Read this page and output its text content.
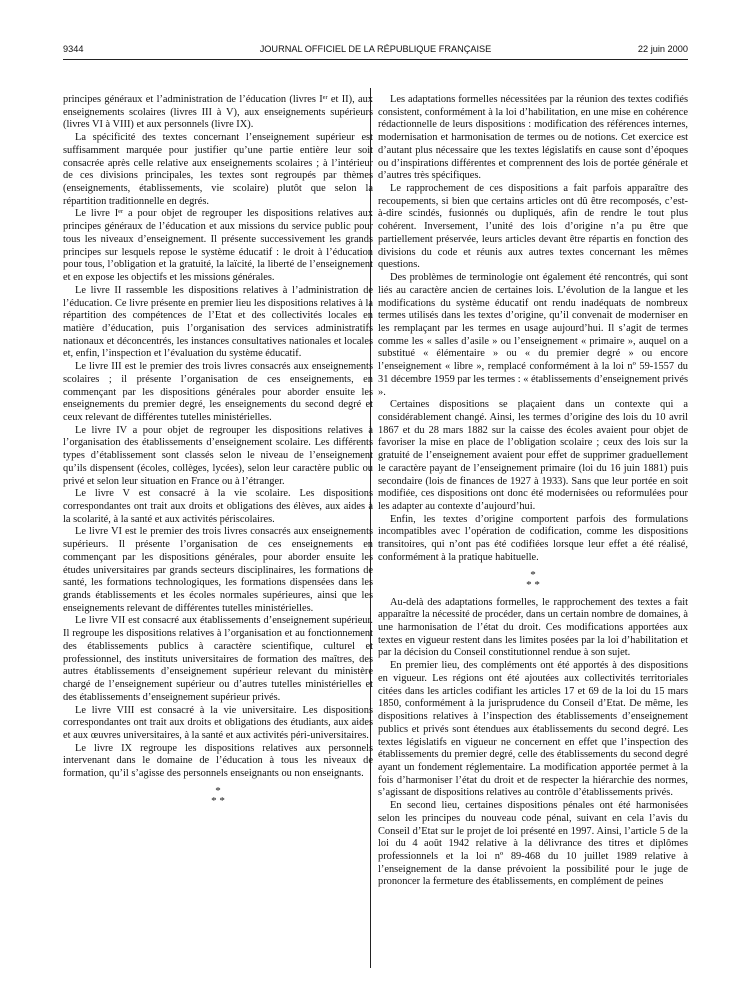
9344	JOURNAL OFFICIEL DE LA RÉPUBLIQUE FRANÇAISE	22 juin 2000

principes généraux et l’administration de l’éducation (livres Iᵉʳ et II), aux enseignements scolaires (livres III à V), aux enseignements supérieurs (livres VI à VIII) et aux personnels (livre IX).

La spécificité des textes concernant l’enseignement supérieur est suffisamment marquée pour justifier qu’une partie entière leur soit consacrée après celle relative aux enseignements scolaires ; à l’intérieur de ces divisions principales, les textes sont regroupés par thèmes (enseignements, établissements, vie scolaire) plutôt que selon la répartition traditionnelle en degrés.

Le livre Iᵉʳ a pour objet de regrouper les dispositions relatives aux principes généraux de l’éducation et aux missions du service public pour tous les niveaux d’enseignement. Il présente successivement les grands principes sur lesquels repose le système éducatif : le droit à l’éducation pour tous, l’obligation et la gratuité, la laïcité, la liberté de l’enseignement et en expose les objectifs et les missions générales.

Le livre II rassemble les dispositions relatives à l’administration de l’éducation. Ce livre présente en premier lieu les dispositions relatives à la répartition des compétences de l’Etat et des collectivités locales en matière d’éducation, puis l’organisation des services administratifs nationaux et déconcentrés, les instances consultatives nationales et locales et, enfin, l’inspection et l’évaluation du système éducatif.

Le livre III est le premier des trois livres consacrés aux enseignements scolaires ; il présente l’organisation de ces enseignements, en commençant par les dispositions générales pour aborder ensuite les enseignements du premier degré, les enseignements du second degré et ceux relevant de différentes tutelles ministérielles.

Le livre IV a pour objet de regrouper les dispositions relatives à l’organisation des établissements d’enseignement scolaire. Les différents types d’établissement sont classés selon le niveau de l’enseignement qu’ils dispensent (écoles, collèges, lycées), selon leur caractère public ou privé et selon leur situation en France ou à l’étranger.

Le livre V est consacré à la vie scolaire. Les dispositions correspondantes ont trait aux droits et obligations des élèves, aux aides à la scolarité, à la santé et aux activités périscolaires.

Le livre VI est le premier des trois livres consacrés aux enseignements supérieurs. Il présente l’organisation de ces enseignements en commençant par les dispositions générales, pour aborder ensuite les études universitaires par grands secteurs disciplinaires, les formations de santé, les formations technologiques, les formations dispensées dans les grands établissements et les écoles normales supérieures, ainsi que les enseignements relevant de différentes tutelles ministérielles.

Le livre VII est consacré aux établissements d’enseignement supérieur. Il regroupe les dispositions relatives à l’organisation et au fonctionnement des établissements publics à caractère scientifique, culturel et professionnel, des instituts universitaires de formation des maîtres, des autres établissements d’enseignement supérieur relevant du ministère chargé de l’enseignement supérieur ou d’autres tutelles ministérielles et des établissements d’enseignement supérieur privés.

Le livre VIII est consacré à la vie universitaire. Les dispositions correspondantes ont trait aux droits et obligations des étudiants, aux aides et aux œuvres universitaires, à la santé et aux activités péri-universitaires.

Le livre IX regroupe les dispositions relatives aux personnels intervenant dans le domaine de l’éducation à tous les niveaux de formation, qu’il s’agisse des personnels enseignants ou non enseignants.

*
* *

Les adaptations formelles nécessitées par la réunion des textes codifiés consistent, conformément à la loi d’habilitation, en une mise en cohérence rédactionnelle de leurs dispositions : modification des références internes, modernisation et harmonisation de termes ou de notions. Cet exercice est d’autant plus nécessaire que les textes législatifs en cause sont d’époques ou d’inspirations différentes et comprennent des lois de portée générale et d’autres très spécifiques.

Le rapprochement de ces dispositions a fait parfois apparaître des recoupements, si bien que certains articles ont dû être recomposés, c’est-à-dire scindés, fusionnés ou dupliqués, afin de rendre le tout plus cohérent. Inversement, l’unité des lois d’origine n’a pu être que partiellement préservée, leurs articles devant être répartis en fonction des divisions du code et réunis aux autres textes concernant les mêmes questions.

Des problèmes de terminologie ont également été rencontrés, qui sont liés au caractère ancien de certaines lois. L’évolution de la langue et les modifications du système éducatif ont rendu inadéquats de nombreux termes utilisés dans les textes d’origine, qu’il convenait de moderniser en les remplaçant par les termes en usage aujourd’hui. Il s’agit de termes comme les « salles d’asile » ou l’enseignement « primaire », auquel on a substitué « élémentaire » ou « du premier degré » ou encore l’enseignement « libre », remplacé conformément à la loi nº 59-1557 du 31 décembre 1959 par les termes : « établissements d’enseignement privés ».

Certaines dispositions se plaçaient dans un contexte qui a considérablement changé. Ainsi, les termes d’origine des lois du 10 avril 1867 et du 28 mars 1882 sur la caisse des écoles avaient pour objet de favoriser la mise en place de l’obligation scolaire ; ceux des lois sur la gratuité de l’enseignement avaient pour effet de supprimer graduellement le caractère payant de l’enseignement primaire (loi du 16 juin 1881) puis secondaire (lois de finances de 1927 à 1933). Sans que leur portée en soit modifiée, ces dispositions ont donc été modernisées ou reformulées pour les adapter au contexte d’aujourd’hui.

Enfin, les textes d’origine comportent parfois des formulations incompatibles avec l’opération de codification, comme les dispositions transitoires, qui n’ont pas été codifiées lorsque leur effet a été réalisé, conformément à la pratique habituelle.

*
* *

Au-delà des adaptations formelles, le rapprochement des textes a fait apparaître la nécessité de procéder, dans un certain nombre de domaines, à une harmonisation de l’état du droit. Ces modifications apportées aux textes en vigueur restent dans les limites posées par la loi d’habilitation et par la décision du Conseil constitutionnel rendue à son sujet.

En premier lieu, des compléments ont été apportés à des dispositions en vigueur. Les régions ont été ajoutées aux collectivités territoriales citées dans les articles codifiant les articles 17 et 69 de la loi du 15 mars 1850, conformément à la jurisprudence du Conseil d’Etat. De même, les dispositions relatives à l’inspection des établissements d’enseignement publics et privés sont étendues aux établissements du second degré. Les textes législatifs en vigueur ne concernent en effet que l’inspection des établissements du premier degré, celle des établissements du second degré ayant un fondement réglementaire. La modification apportée permet à la fois d’harmoniser l’état du droit et de respecter la hiérarchie des normes, s’agissant de dispositions relatives au contrôle d’établissements privés.

En second lieu, certaines dispositions pénales ont été harmonisées selon les principes du nouveau code pénal, suivant en cela l’avis du Conseil d’Etat sur le projet de loi présenté en 1997. Ainsi, l’article 5 de la loi du 4 août 1942 relative à la délivrance des titres et diplômes professionnels et la loi nº 89-468 du 10 juillet 1989 relative à l’enseignement de la danse prévoient la possibilité pour le juge de prononcer la fermeture des établissements, en complément de peines
